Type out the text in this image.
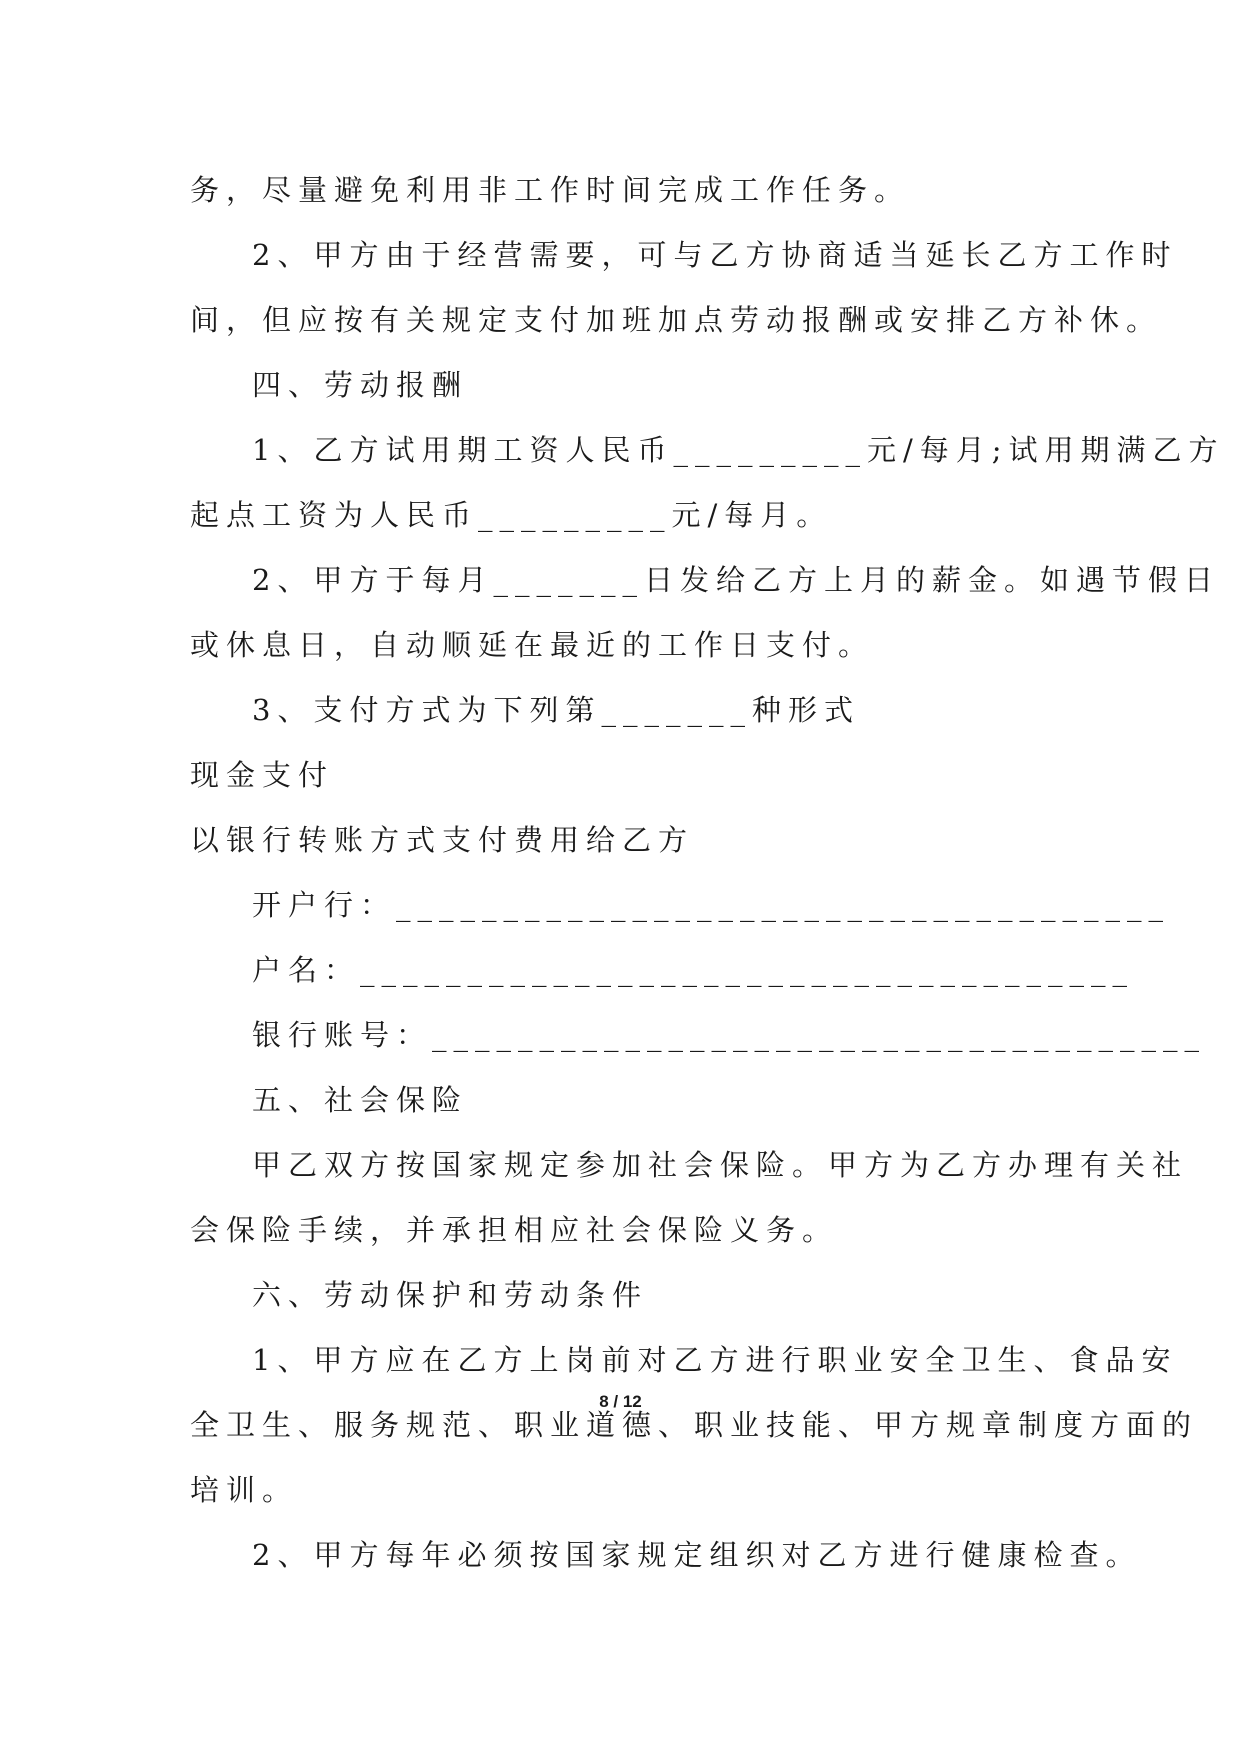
务，尽量避免利用非工作时间完成工作任务。
2、甲方由于经营需要，可与乙方协商适当延长乙方工作时
间，但应按有关规定支付加班加点劳动报酬或安排乙方补休。
四、劳动报酬
1、乙方试用期工资人民币_________元/每月;试用期满乙方
起点工资为人民币_________元/每月。
2、甲方于每月_______日发给乙方上月的薪金。如遇节假日
或休息日，自动顺延在最近的工作日支付。
3、支付方式为下列第_______种形式
现金支付
以银行转账方式支付费用给乙方
开户行：____________________________________
户名：____________________________________
银行账号：____________________________________
五、社会保险
甲乙双方按国家规定参加社会保险。甲方为乙方办理有关社
会保险手续，并承担相应社会保险义务。
六、劳动保护和劳动条件
1、甲方应在乙方上岗前对乙方进行职业安全卫生、食品安
全卫生、服务规范、职业道德、职业技能、甲方规章制度方面的
培训。
2、甲方每年必须按国家规定组织对乙方进行健康检查。
8 / 12
